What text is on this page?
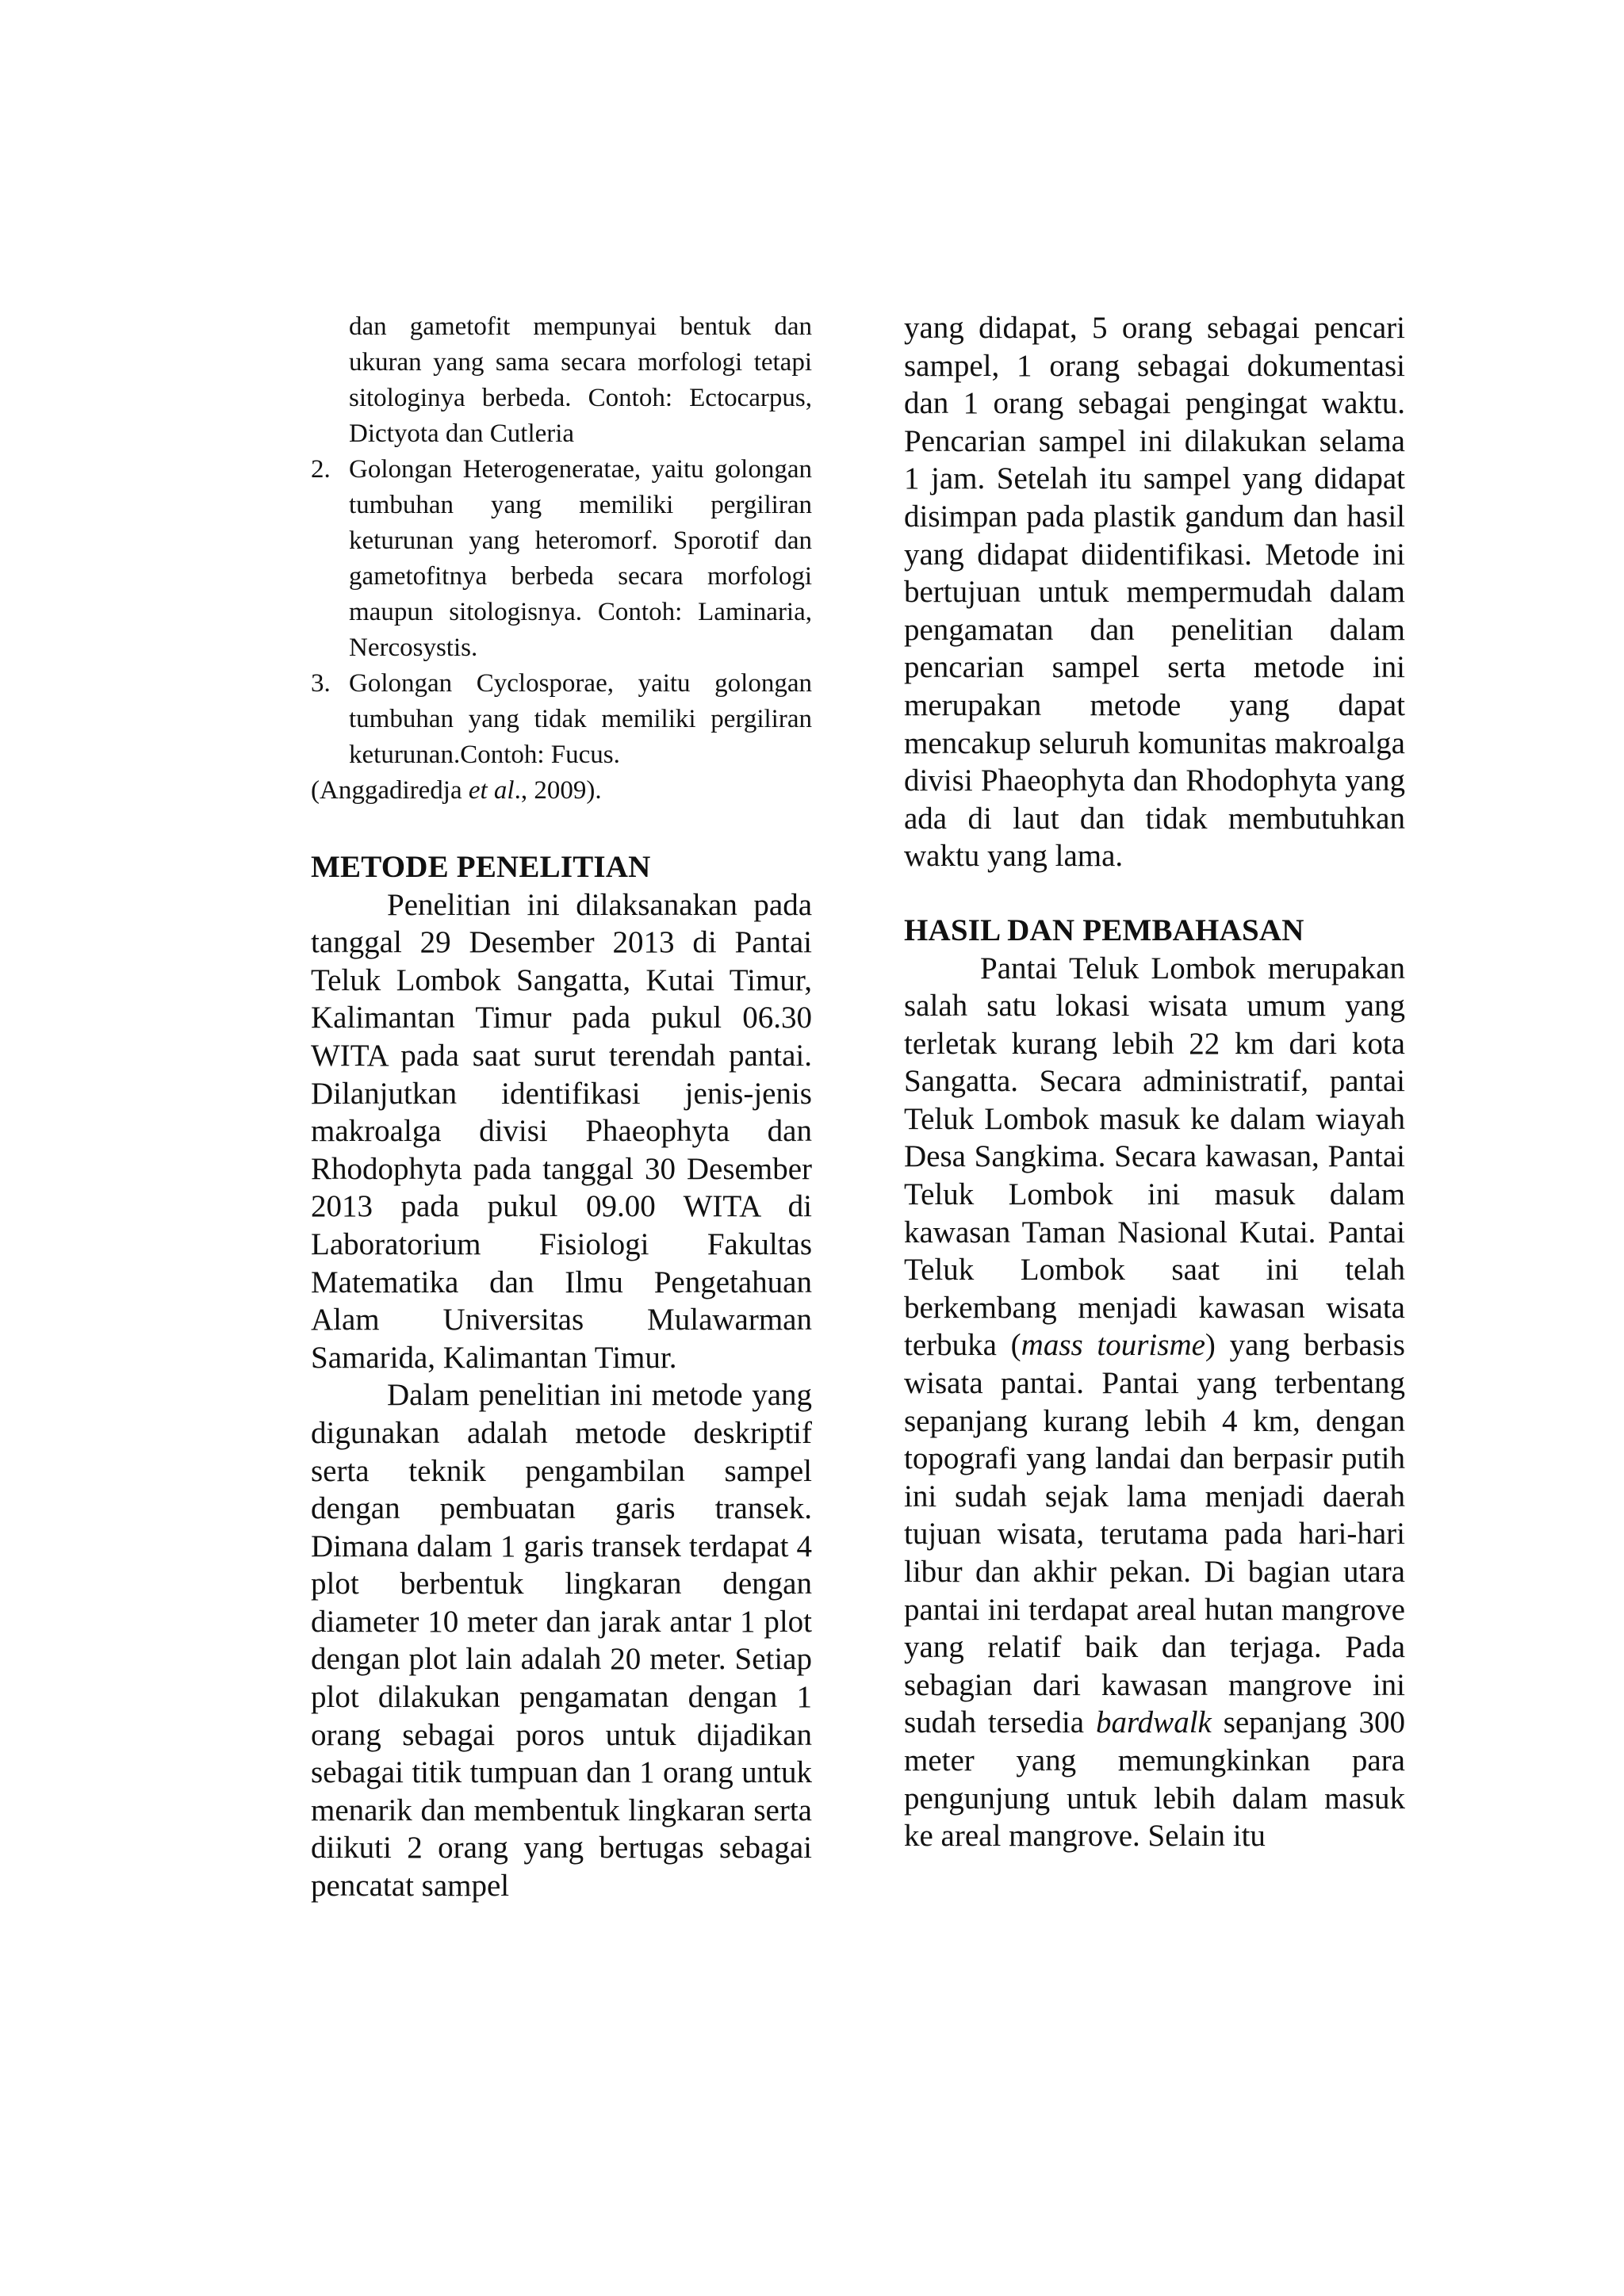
dan gametofit mempunyai bentuk dan ukuran yang sama secara morfologi tetapi sitologinya berbeda. Contoh: Ectocarpus, Dictyota dan Cutleria
2. Golongan Heterogeneratae, yaitu golongan tumbuhan yang memiliki pergiliran keturunan yang heteromorf. Sporotif dan gametofitnya berbeda secara morfologi maupun sitologisnya. Contoh: Laminaria, Nercosystis.
3. Golongan Cyclosporae, yaitu golongan tumbuhan yang tidak memiliki pergiliran keturunan.Contoh: Fucus.
(Anggadiredja et al., 2009).
METODE PENELITIAN

Penelitian ini dilaksanakan pada tanggal 29 Desember 2013 di Pantai Teluk Lombok Sangatta, Kutai Timur, Kalimantan Timur pada pukul 06.30 WITA pada saat surut terendah pantai. Dilanjutkan identifikasi jenis-jenis makroalga divisi Phaeophyta dan Rhodophyta pada tanggal 30 Desember 2013 pada pukul 09.00 WITA di Laboratorium Fisiologi Fakultas Matematika dan Ilmu Pengetahuan Alam Universitas Mulawarman Samarida, Kalimantan Timur.

Dalam penelitian ini metode yang digunakan adalah metode deskriptif serta teknik pengambilan sampel dengan pembuatan garis transek. Dimana dalam 1 garis transek terdapat 4 plot berbentuk lingkaran dengan diameter 10 meter dan jarak antar 1 plot dengan plot lain adalah 20 meter. Setiap plot dilakukan pengamatan dengan 1 orang sebagai poros untuk dijadikan sebagai titik tumpuan dan 1 orang untuk menarik dan membentuk lingkaran serta diikuti 2 orang yang bertugas sebagai pencatat sampel

yang didapat, 5 orang sebagai pencari sampel, 1 orang sebagai dokumentasi dan 1 orang sebagai pengingat waktu. Pencarian sampel ini dilakukan selama 1 jam. Setelah itu sampel yang didapat disimpan pada plastik gandum dan hasil yang didapat diidentifikasi. Metode ini bertujuan untuk mempermudah dalam pengamatan dan penelitian dalam pencarian sampel serta metode ini merupakan metode yang dapat mencakup seluruh komunitas makroalga divisi Phaeophyta dan Rhodophyta yang ada di laut dan tidak membutuhkan waktu yang lama.

HASIL DAN PEMBAHASAN

Pantai Teluk Lombok merupakan salah satu lokasi wisata umum yang terletak kurang lebih 22 km dari kota Sangatta. Secara administratif, pantai Teluk Lombok masuk ke dalam wiayah Desa Sangkima. Secara kawasan, Pantai Teluk Lombok ini masuk dalam kawasan Taman Nasional Kutai. Pantai Teluk Lombok saat ini telah berkembang menjadi kawasan wisata terbuka (mass tourisme) yang berbasis wisata pantai. Pantai yang terbentang sepanjang kurang lebih 4 km, dengan topografi yang landai dan berpasir putih ini sudah sejak lama menjadi daerah tujuan wisata, terutama pada hari-hari libur dan akhir pekan. Di bagian utara pantai ini terdapat areal hutan mangrove yang relatif baik dan terjaga. Pada sebagian dari kawasan mangrove ini sudah tersedia bardwalk sepanjang 300 meter yang memungkinkan para pengunjung untuk lebih dalam masuk ke areal mangrove. Selain itu
